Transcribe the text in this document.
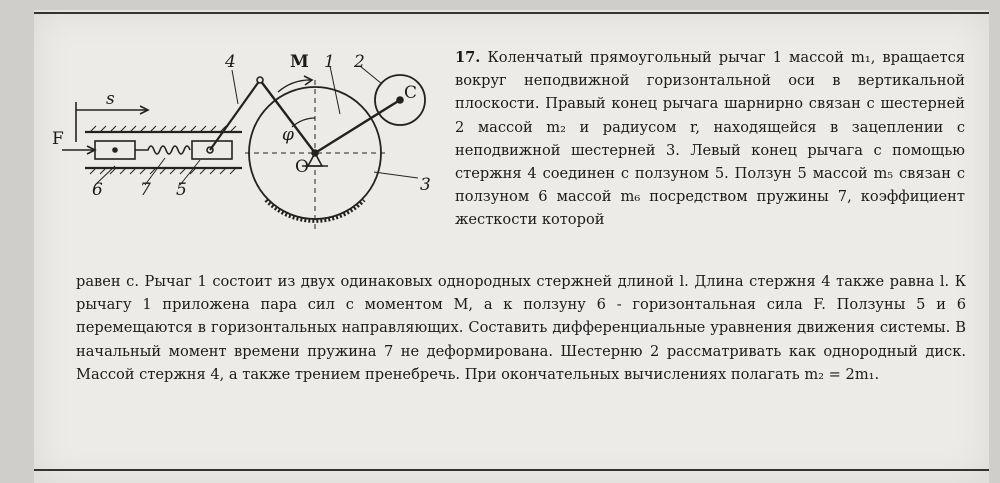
s
F
6 7 5
4	M 1 2
C
φ
O
3

17. Коленчатый прямоугольный рычаг 1 массой m₁, вращается вокруг неподвижной горизонтальной оси в вертикальной плоскости. Правый конец рычага шарнирно связан с шестерней 2 массой m₂ и радиусом r, находящейся в зацеплении с неподвижной шестерней 3. Левый конец рычага с помощью стержня 4 соединен с ползуном 5. Ползун 5 массой m₅ связан с ползуном 6 массой m₆ посредством пружины 7, коэффициент жесткости которой

равен c. Рычаг 1 состоит из двух одинаковых однородных стержней длиной l. Длина стержня 4 также равна l. К рычагу 1 приложена пара сил с моментом M, а к ползуну 6 - горизонтальная сила F. Ползуны 5 и 6 перемещаются в горизонтальных направляющих. Составить дифференциальные уравнения движения системы. В начальный момент времени пружина 7 не деформирована. Шестерню 2 рассматривать как однородный диск. Массой стержня 4, а также трением пренебречь. При окончательных вычислениях полагать m₂ = 2m₁.
